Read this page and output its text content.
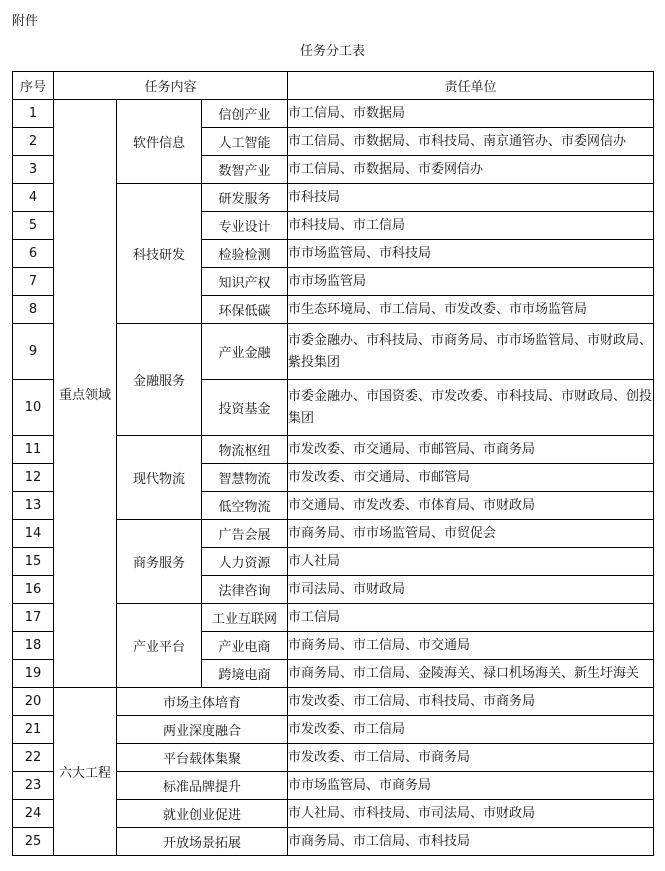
附件
任务分工表
序号	任务内容			责任单位
1	重点领域	软件信息	信创产业	市工信局、市数据局
2			人工智能	市工信局、市数据局、市科技局、南京通管办、市委网信办
3			数智产业	市工信局、市数据局、市委网信办
4		科技研发	研发服务	市科技局
5			专业设计	市科技局、市工信局
6			检验检测	市市场监管局、市科技局
7			知识产权	市市场监管局
8			环保低碳	市生态环境局、市工信局、市发改委、市市场监管局
9		金融服务	产业金融	市委金融办、市科技局、市商务局、市市场监管局、市财政局、紫投集团
10			投资基金	市委金融办、市国资委、市发改委、市科技局、市财政局、创投集团
11		现代物流	物流枢纽	市发改委、市交通局、市邮管局、市商务局
12			智慧物流	市发改委、市交通局、市邮管局
13			低空物流	市交通局、市发改委、市体育局、市财政局
14		商务服务	广告会展	市商务局、市市场监管局、市贸促会
15			人力资源	市人社局
16			法律咨询	市司法局、市财政局
17		产业平台	工业互联网	市工信局
18			产业电商	市商务局、市工信局、市交通局
19			跨境电商	市商务局、市工信局、金陵海关、禄口机场海关、新生圩海关
20	六大工程	市场主体培育		市发改委、市工信局、市科技局、市商务局
21		两业深度融合		市发改委、市工信局
22		平台载体集聚		市发改委、市工信局、市商务局
23		标准品牌提升		市市场监管局、市商务局
24		就业创业促进		市人社局、市科技局、市司法局、市财政局
25		开放场景拓展		市商务局、市工信局、市科技局
